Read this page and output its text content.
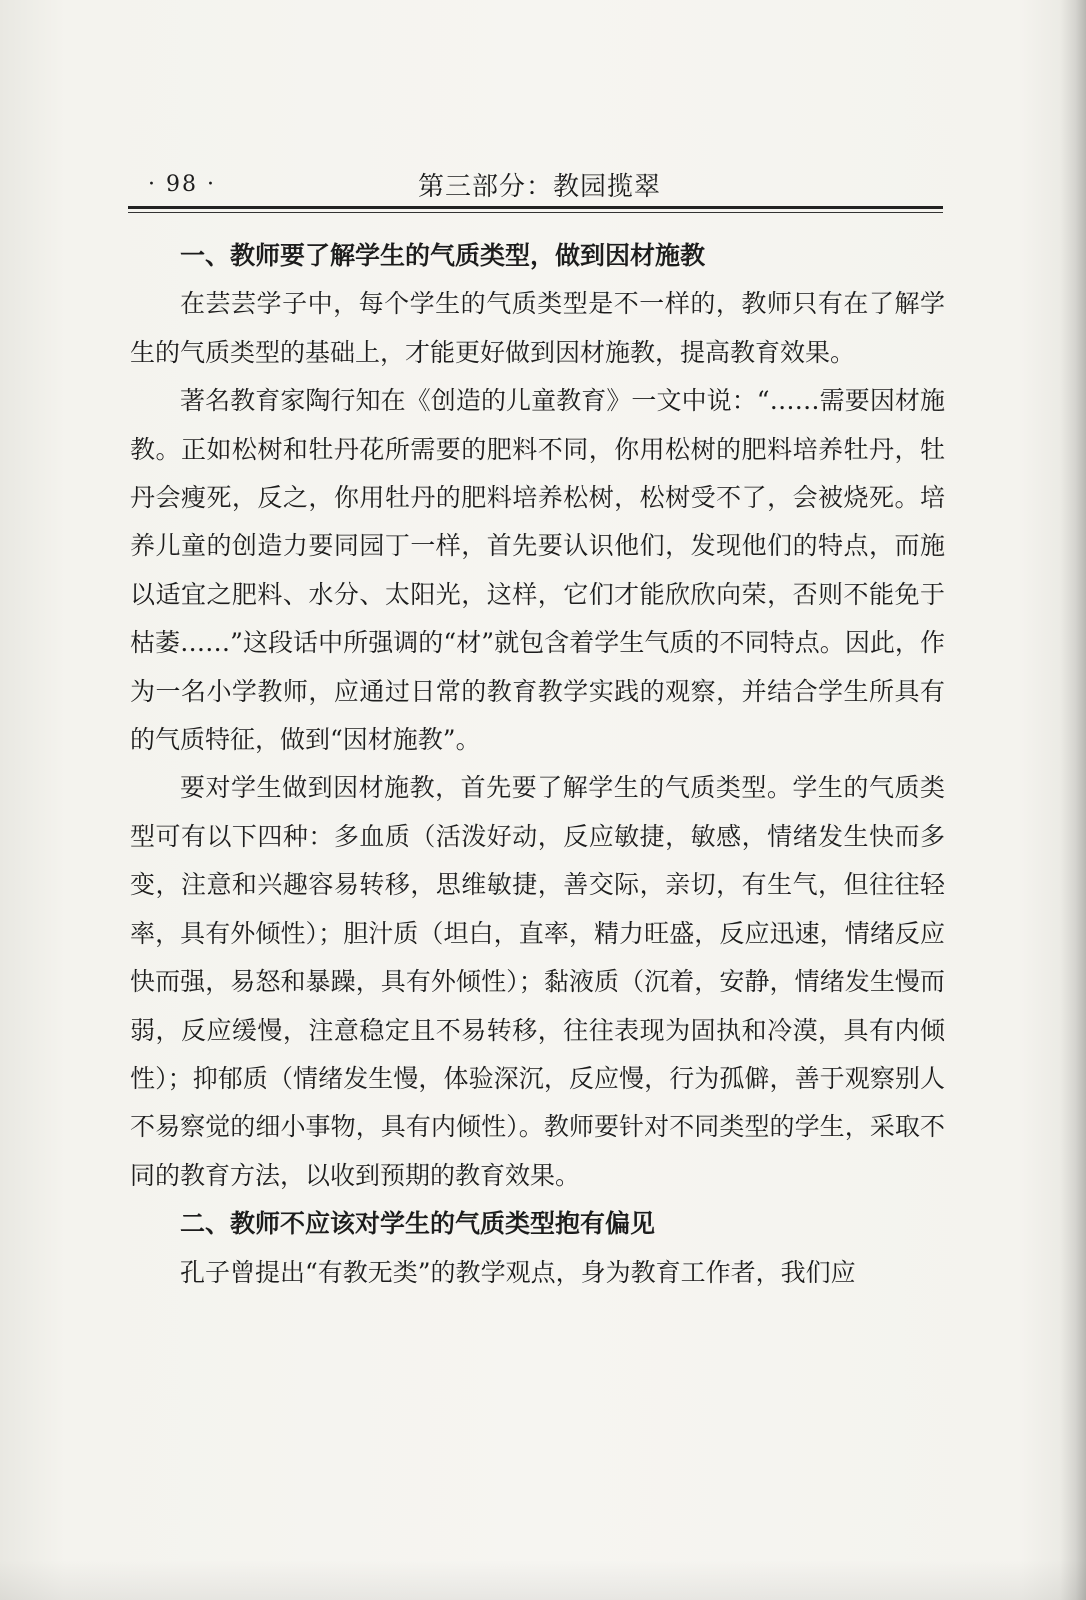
· 98 ·	第三部分：教园揽翠
一、教师要了解学生的气质类型，做到因材施教

在芸芸学子中，每个学生的气质类型是不一样的，教师只有在了解学生的气质类型的基础上，才能更好做到因材施教，提高教育效果。

著名教育家陶行知在《创造的儿童教育》一文中说：“……需要因材施教。正如松树和牡丹花所需要的肥料不同，你用松树的肥料培养牡丹，牡丹会瘦死，反之，你用牡丹的肥料培养松树，松树受不了，会被烧死。培养儿童的创造力要同园丁一样，首先要认识他们，发现他们的特点，而施以适宜之肥料、水分、太阳光，这样，它们才能欣欣向荣，否则不能免于枯萎……”这段话中所强调的“材”就包含着学生气质的不同特点。因此，作为一名小学教师，应通过日常的教育教学实践的观察，并结合学生所具有的气质特征，做到“因材施教”。

要对学生做到因材施教，首先要了解学生的气质类型。学生的气质类型可有以下四种：多血质（活泼好动，反应敏捷，敏感，情绪发生快而多变，注意和兴趣容易转移，思维敏捷，善交际，亲切，有生气，但往往轻率，具有外倾性）；胆汁质（坦白，直率，精力旺盛，反应迅速，情绪反应快而强，易怒和暴躁，具有外倾性）；黏液质（沉着，安静，情绪发生慢而弱，反应缓慢，注意稳定且不易转移，往往表现为固执和冷漠，具有内倾性）；抑郁质（情绪发生慢，体验深沉，反应慢，行为孤僻，善于观察别人不易察觉的细小事物，具有内倾性）。教师要针对不同类型的学生，采取不同的教育方法，以收到预期的教育效果。

二、教师不应该对学生的气质类型抱有偏见

孔子曾提出“有教无类”的教学观点，身为教育工作者，我们应
